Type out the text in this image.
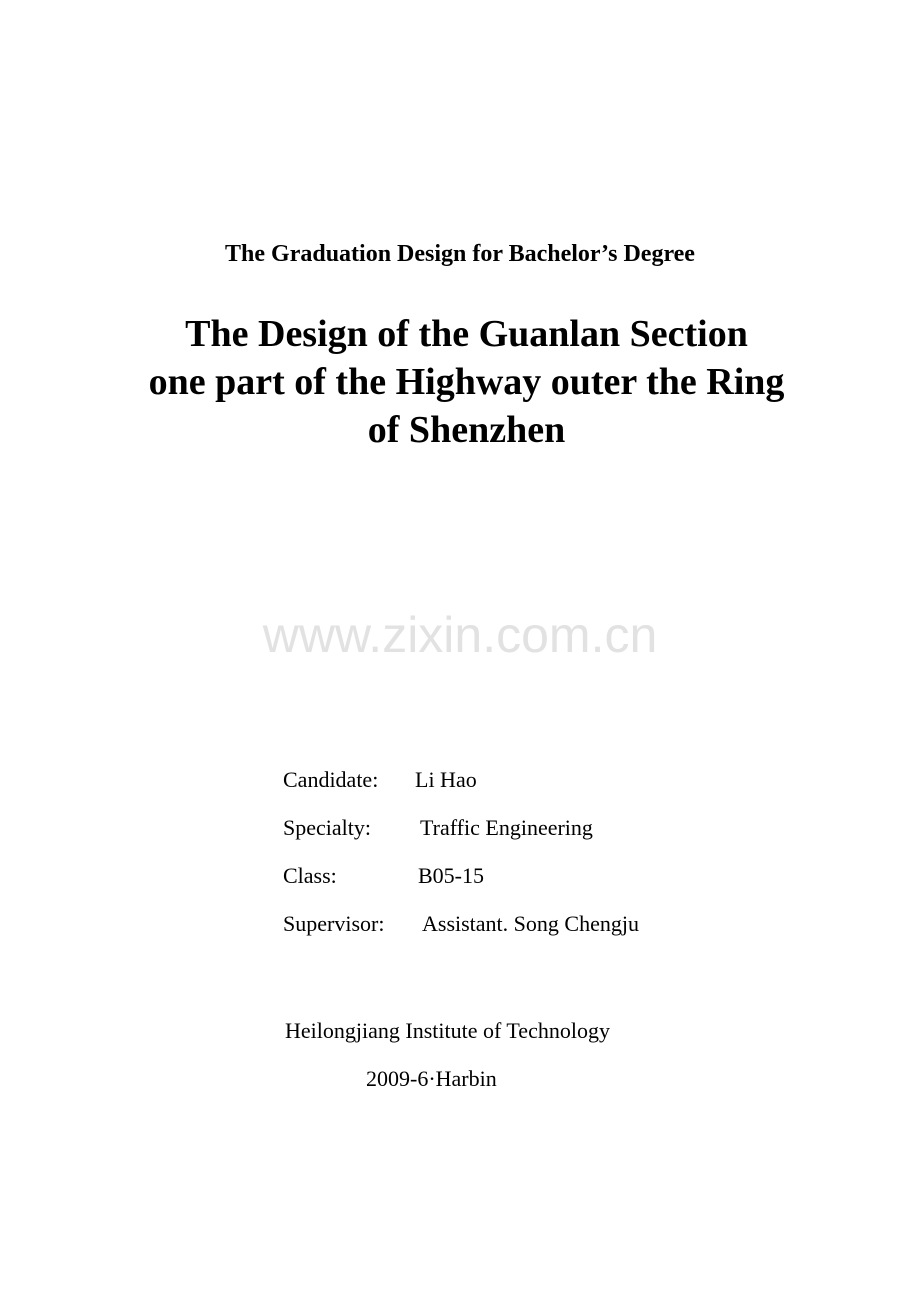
The Graduation Design for Bachelor’s Degree
The Design of the Guanlan Section
one part of the Highway outer the Ring
of Shenzhen
www.zixin.com.cn
Candidate: Li Hao
Specialty: Traffic Engineering
Class:	B05-15
Supervisor: Assistant. Song Chengju
Heilongjiang Institute of Technology
2009-6·Harbin
